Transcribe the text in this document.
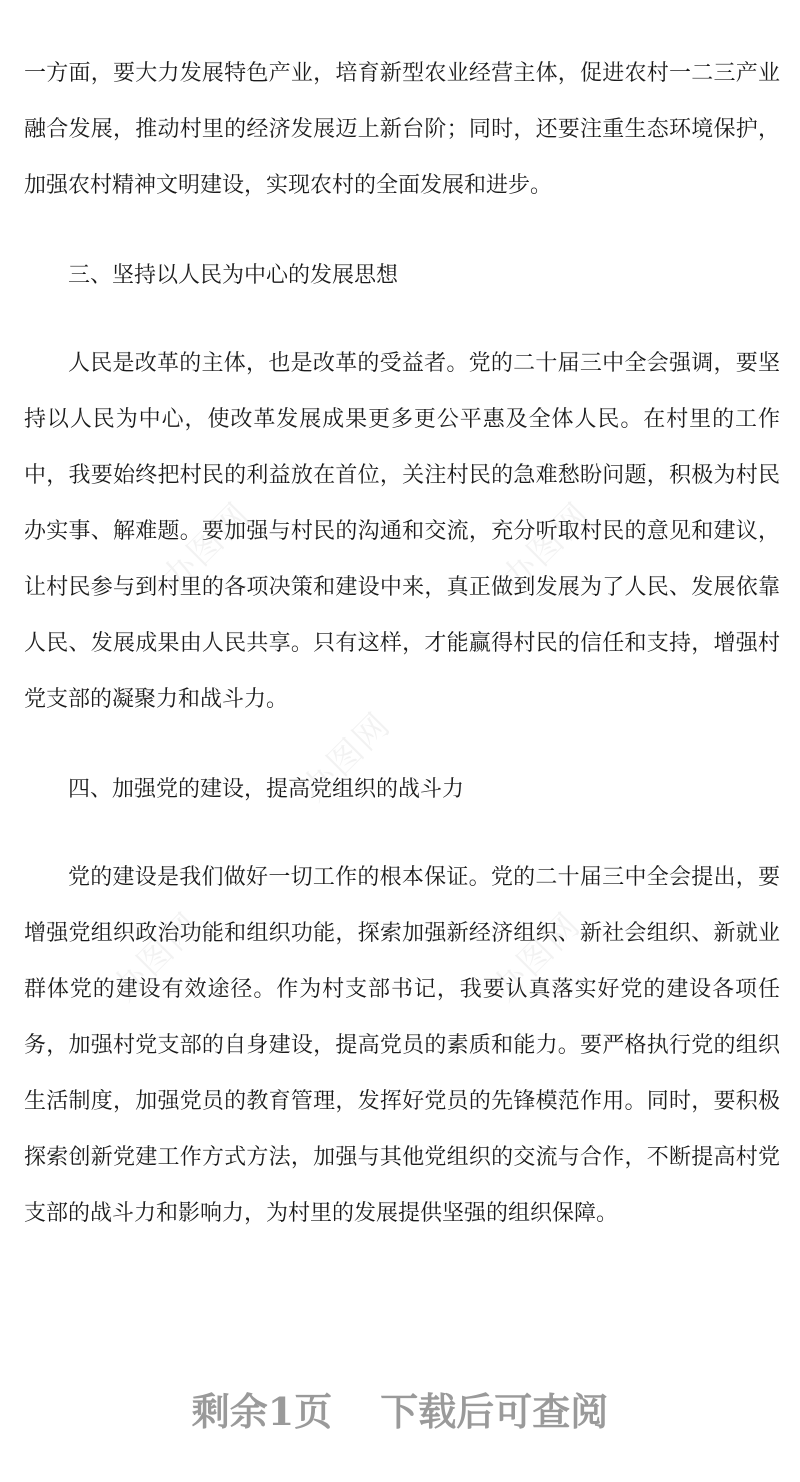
办图网	办图网
办图网
办图网	办图网

一方面，要大力发展特色产业，培育新型农业经营主体，促进农村一二三产业融合发展，推动村里的经济发展迈上新台阶；同时，还要注重生态环境保护，加强农村精神文明建设，实现农村的全面发展和进步。

三、坚持以人民为中心的发展思想

人民是改革的主体，也是改革的受益者。党的二十届三中全会强调，要坚持以人民为中心，使改革发展成果更多更公平惠及全体人民。在村里的工作中，我要始终把村民的利益放在首位，关注村民的急难愁盼问题，积极为村民办实事、解难题。要加强与村民的沟通和交流，充分听取村民的意见和建议，让村民参与到村里的各项决策和建设中来，真正做到发展为了人民、发展依靠人民、发展成果由人民共享。只有这样，才能赢得村民的信任和支持，增强村党支部的凝聚力和战斗力。

四、加强党的建设，提高党组织的战斗力

党的建设是我们做好一切工作的根本保证。党的二十届三中全会提出，要增强党组织政治功能和组织功能，探索加强新经济组织、新社会组织、新就业群体党的建设有效途径。作为村支部书记，我要认真落实好党的建设各项任务，加强村党支部的自身建设，提高党员的素质和能力。要严格执行党的组织生活制度，加强党员的教育管理，发挥好党员的先锋模范作用。同时，要积极探索创新党建工作方式方法，加强与其他党组织的交流与合作，不断提高村党支部的战斗力和影响力，为村里的发展提供坚强的组织保障。

剩余1页 下载后可查阅
